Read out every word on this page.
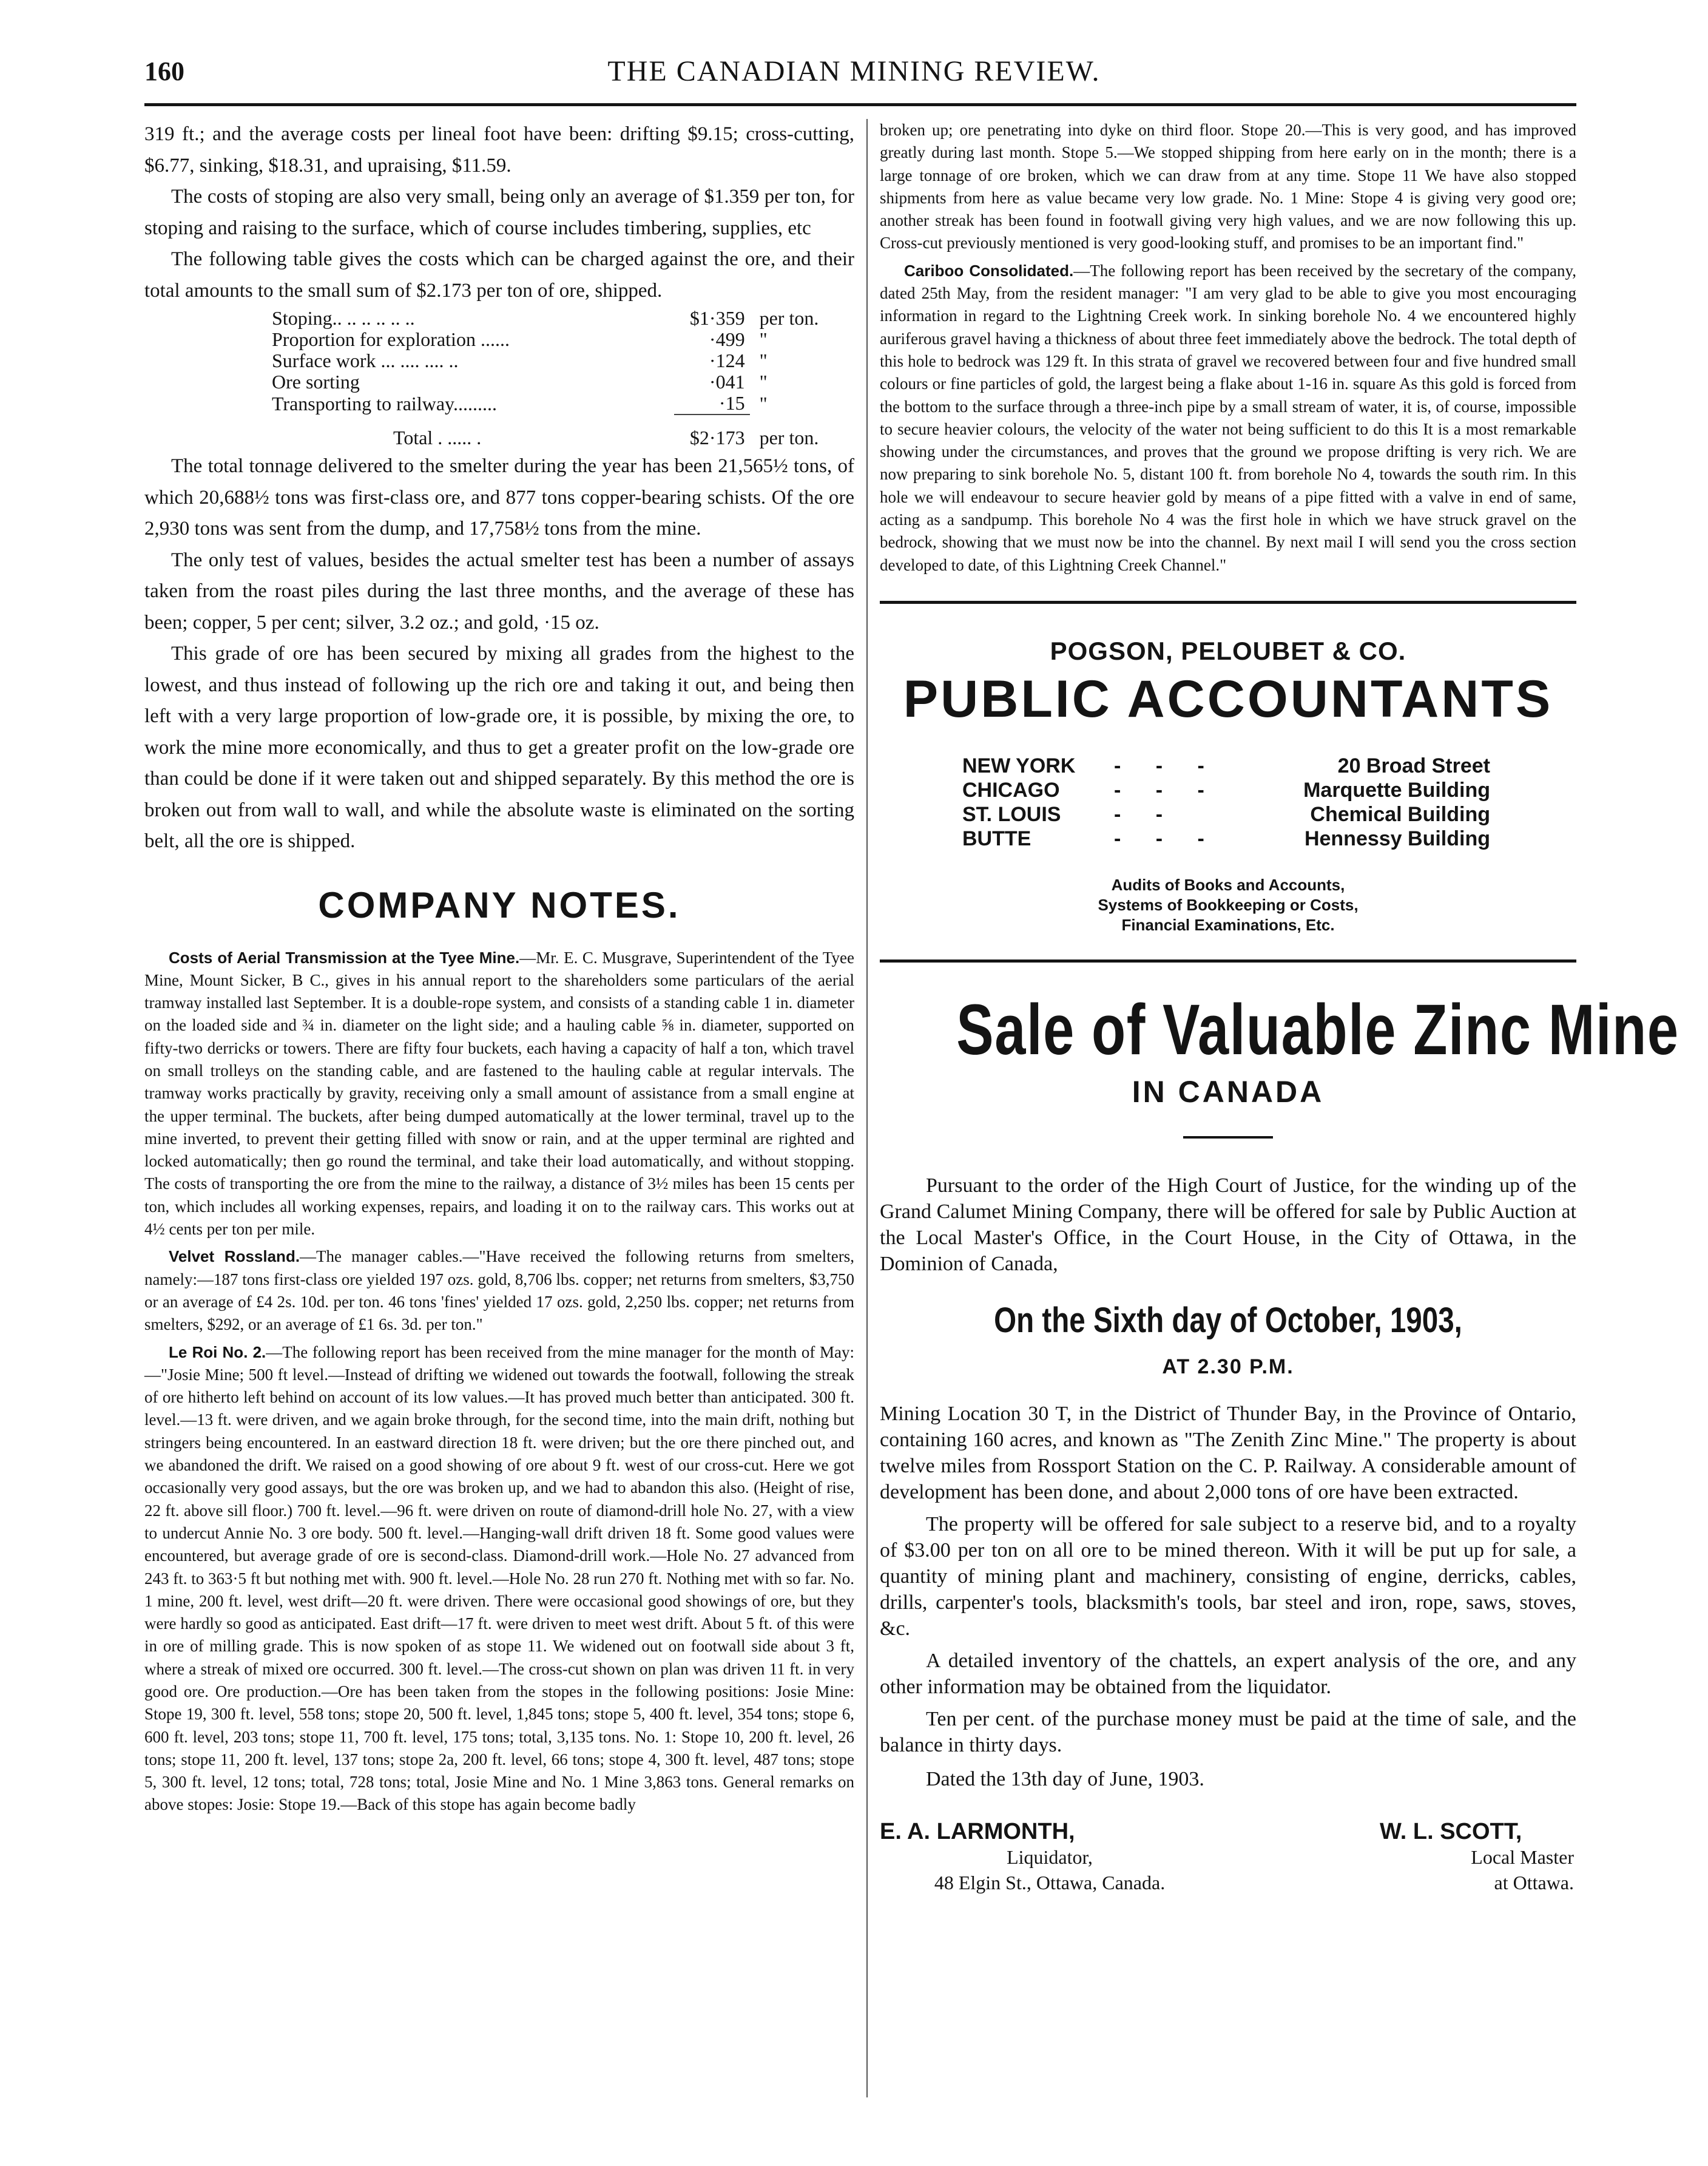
160	THE CANADIAN MINING REVIEW.

319 ft.; and the average costs per lineal foot have been: drifting $9.15; cross-cutting, $6.77, sinking, $18.31, and upraising, $11.59.

The costs of stoping are also very small, being only an average of $1.359 per ton, for stoping and raising to the surface, which of course includes timbering, supplies, etc

The following table gives the costs which can be charged against the ore, and their total amounts to the small sum of $2.173 per ton of ore, shipped.

Stoping.. .. .. .. .. ..	$1·359	per ton.
Proportion for exploration ......	·499	"
Surface work ... .... .... ..	·124	"
Ore sorting	·041	"
Transporting to railway.........	·15	"
Total . ..... .	$2·173	per ton.

The total tonnage delivered to the smelter during the year has been 21,565½ tons, of which 20,688½ tons was first-class ore, and 877 tons copper-bearing schists. Of the ore 2,930 tons was sent from the dump, and 17,758½ tons from the mine.

The only test of values, besides the actual smelter test has been a number of assays taken from the roast piles during the last three months, and the average of these has been; copper, 5 per cent; silver, 3.2 oz.; and gold, ·15 oz.

This grade of ore has been secured by mixing all grades from the highest to the lowest, and thus instead of following up the rich ore and taking it out, and being then left with a very large proportion of low-grade ore, it is possible, by mixing the ore, to work the mine more economically, and thus to get a greater profit on the low-grade ore than could be done if it were taken out and shipped separately. By this method the ore is broken out from wall to wall, and while the absolute waste is eliminated on the sorting belt, all the ore is shipped.

COMPANY NOTES.

Costs of Aerial Transmission at the Tyee Mine.—Mr. E. C. Musgrave, Superintendent of the Tyee Mine, Mount Sicker, B C., gives in his annual report to the shareholders some particulars of the aerial tramway installed last September. It is a double-rope system, and consists of a standing cable 1 in. diameter on the loaded side and ¾ in. diameter on the light side; and a hauling cable ⅝ in. diameter, supported on fifty-two derricks or towers. There are fifty four buckets, each having a capacity of half a ton, which travel on small trolleys on the standing cable, and are fastened to the hauling cable at regular intervals. The tramway works practically by gravity, receiving only a small amount of assistance from a small engine at the upper terminal. The buckets, after being dumped automatically at the lower terminal, travel up to the mine inverted, to prevent their getting filled with snow or rain, and at the upper terminal are righted and locked automatically; then go round the terminal, and take their load automatically, and without stopping. The costs of transporting the ore from the mine to the railway, a distance of 3½ miles has been 15 cents per ton, which includes all working expenses, repairs, and loading it on to the railway cars. This works out at 4½ cents per ton per mile.

Velvet Rossland.—The manager cables.—"Have received the following returns from smelters, namely:—187 tons first-class ore yielded 197 ozs. gold, 8,706 lbs. copper; net returns from smelters, $3,750 or an average of £4 2s. 10d. per ton. 46 tons 'fines' yielded 17 ozs. gold, 2,250 lbs. copper; net returns from smelters, $292, or an average of £1 6s. 3d. per ton."

Le Roi No. 2.—The following report has been received from the mine manager for the month of May:—"Josie Mine; 500 ft level.—Instead of drifting we widened out towards the footwall, following the streak of ore hitherto left behind on account of its low values.—It has proved much better than anticipated. 300 ft. level.—13 ft. were driven, and we again broke through, for the second time, into the main drift, nothing but stringers being encountered. In an eastward direction 18 ft. were driven; but the ore there pinched out, and we abandoned the drift. We raised on a good showing of ore about 9 ft. west of our cross-cut. Here we got occasionally very good assays, but the ore was broken up, and we had to abandon this also. (Height of rise, 22 ft. above sill floor.) 700 ft. level.—96 ft. were driven on route of diamond-drill hole No. 27, with a view to undercut Annie No. 3 ore body. 500 ft. level.—Hanging-wall drift driven 18 ft. Some good values were encountered, but average grade of ore is second-class. Diamond-drill work.—Hole No. 27 advanced from 243 ft. to 363·5 ft but nothing met with. 900 ft. level.—Hole No. 28 run 270 ft. Nothing met with so far. No. 1 mine, 200 ft. level, west drift—20 ft. were driven. There were occasional good showings of ore, but they were hardly so good as anticipated. East drift—17 ft. were driven to meet west drift. About 5 ft. of this were in ore of milling grade. This is now spoken of as stope 11. We widened out on footwall side about 3 ft, where a streak of mixed ore occurred. 300 ft. level.—The cross-cut shown on plan was driven 11 ft. in very good ore. Ore production.—Ore has been taken from the stopes in the following positions: Josie Mine: Stope 19, 300 ft. level, 558 tons; stope 20, 500 ft. level, 1,845 tons; stope 5, 400 ft. level, 354 tons; stope 6, 600 ft. level, 203 tons; stope 11, 700 ft. level, 175 tons; total, 3,135 tons. No. 1: Stope 10, 200 ft. level, 26 tons; stope 11, 200 ft. level, 137 tons; stope 2a, 200 ft. level, 66 tons; stope 4, 300 ft. level, 487 tons; stope 5, 300 ft. level, 12 tons; total, 728 tons; total, Josie Mine and No. 1 Mine 3,863 tons. General remarks on above stopes: Josie: Stope 19.—Back of this stope has again become badly

broken up; ore penetrating into dyke on third floor. Stope 20.—This is very good, and has improved greatly during last month. Stope 5.—We stopped shipping from here early on in the month; there is a large tonnage of ore broken, which we can draw from at any time. Stope 11 We have also stopped shipments from here as value became very low grade. No. 1 Mine: Stope 4 is giving very good ore; another streak has been found in footwall giving very high values, and we are now following this up. Cross-cut previously mentioned is very good-looking stuff, and promises to be an important find."

Cariboo Consolidated.—The following report has been received by the secretary of the company, dated 25th May, from the resident manager: "I am very glad to be able to give you most encouraging information in regard to the Lightning Creek work. In sinking borehole No. 4 we encountered highly auriferous gravel having a thickness of about three feet immediately above the bedrock. The total depth of this hole to bedrock was 129 ft. In this strata of gravel we recovered between four and five hundred small colours or fine particles of gold, the largest being a flake about 1-16 in. square As this gold is forced from the bottom to the surface through a three-inch pipe by a small stream of water, it is, of course, impossible to secure heavier colours, the velocity of the water not being sufficient to do this It is a most remarkable showing under the circumstances, and proves that the ground we propose drifting is very rich. We are now preparing to sink borehole No. 5, distant 100 ft. from borehole No 4, towards the south rim. In this hole we will endeavour to secure heavier gold by means of a pipe fitted with a valve in end of same, acting as a sandpump. This borehole No 4 was the first hole in which we have struck gravel on the bedrock, showing that we must now be into the channel. By next mail I will send you the cross section developed to date, of this Lightning Creek Channel."

POGSON, PELOUBET & CO.
PUBLIC ACCOUNTANTS
NEW YORK	- - -	20 Broad Street
CHICAGO	- - -	Marquette Building
ST. LOUIS	- -	Chemical Building
BUTTE	- - -	Hennessy Building
Audits of Books and Accounts,
Systems of Bookkeeping or Costs,
Financial Examinations, Etc.
Sale of Valuable Zinc Mine
IN CANADA

Pursuant to the order of the High Court of Justice, for the winding up of the Grand Calumet Mining Company, there will be offered for sale by Public Auction at the Local Master's Office, in the Court House, in the City of Ottawa, in the Dominion of Canada,

On the Sixth day of October, 1903,
AT 2.30 P.M.

Mining Location 30 T, in the District of Thunder Bay, in the Province of Ontario, containing 160 acres, and known as "The Zenith Zinc Mine." The property is about twelve miles from Rossport Station on the C. P. Railway. A considerable amount of development has been done, and about 2,000 tons of ore have been extracted.

The property will be offered for sale subject to a reserve bid, and to a royalty of $3.00 per ton on all ore to be mined thereon. With it will be put up for sale, a quantity of mining plant and machinery, consisting of engine, derricks, cables, drills, carpenter's tools, blacksmith's tools, bar steel and iron, rope, saws, stoves, &c.

A detailed inventory of the chattels, an expert analysis of the ore, and any other information may be obtained from the liquidator.

Ten per cent. of the purchase money must be paid at the time of sale, and the balance in thirty days.

Dated the 13th day of June, 1903.
E. A. LARMONTH,
Liquidator,
48 Elgin St., Ottawa, Canada.
W. L. SCOTT,
Local Master
at Ottawa.
